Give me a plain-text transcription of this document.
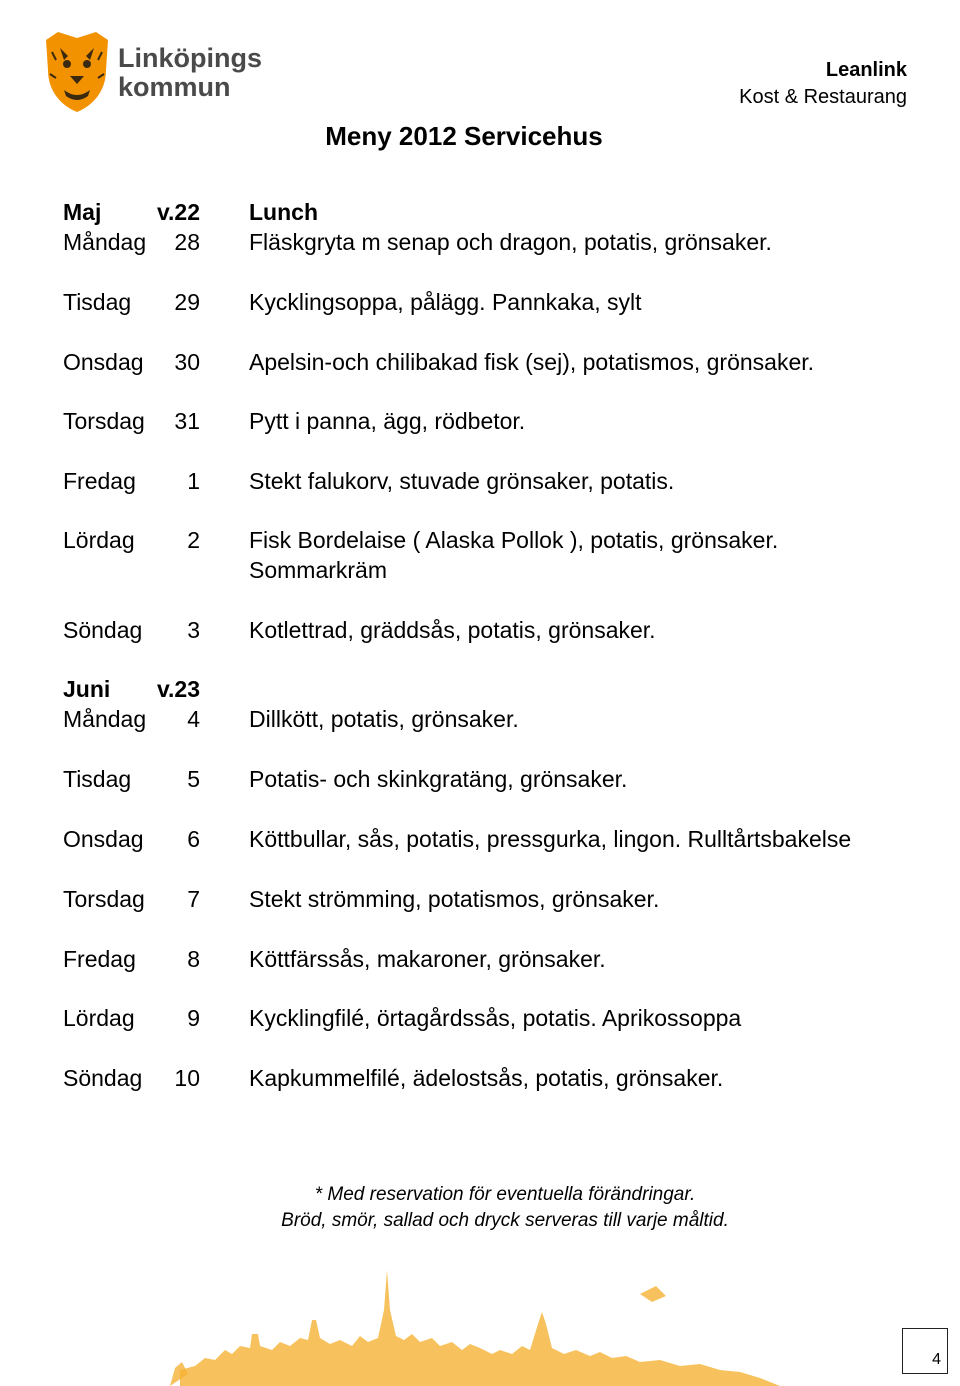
Linköpings
kommun
Leanlink
Kost & Restaurang
Meny 2012 Servicehus
Maj	v.22 Lunch
Måndag	28 Fläskgryta m senap och dragon, potatis, grönsaker.
Tisdag	29 Kycklingsoppa, pålägg. Pannkaka, sylt
Onsdag	30 Apelsin-och chilibakad fisk (sej), potatismos, grönsaker.
Torsdag	31 Pytt i panna, ägg, rödbetor.
Fredag	1 Stekt falukorv, stuvade grönsaker, potatis.
Lördag	2 Fisk Bordelaise ( Alaska Pollok ), potatis, grönsaker.
Sommarkräm
Söndag	3 Kotlettrad, gräddsås, potatis, grönsaker.
Juni	v.23
Måndag	4 Dillkött, potatis, grönsaker.
Tisdag	5 Potatis- och skinkgratäng, grönsaker.
Onsdag	6 Köttbullar, sås, potatis, pressgurka, lingon. Rulltårtsbakelse
Torsdag	7 Stekt strömming, potatismos, grönsaker.
Fredag	8 Köttfärssås, makaroner, grönsaker.
Lördag	9 Kycklingfilé, örtagårdssås, potatis. Aprikossoppa
Söndag	10 Kapkummelfilé, ädelostsås, potatis, grönsaker.
* Med reservation för eventuella förändringar.
Bröd, smör, sallad och dryck serveras till varje måltid.
4
